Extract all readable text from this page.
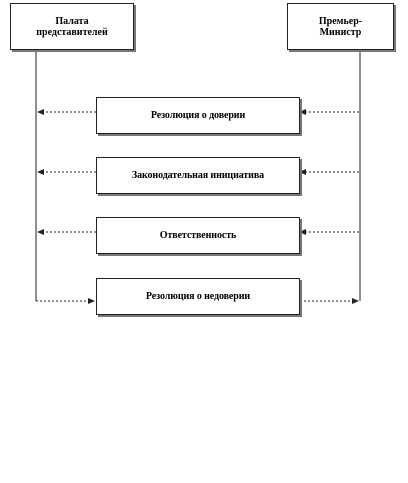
Палата
представителей
Премьер-
Министр
Резолюция о доверии
Законодательная инициатива
Ответственность
Резолюция о недоверии
